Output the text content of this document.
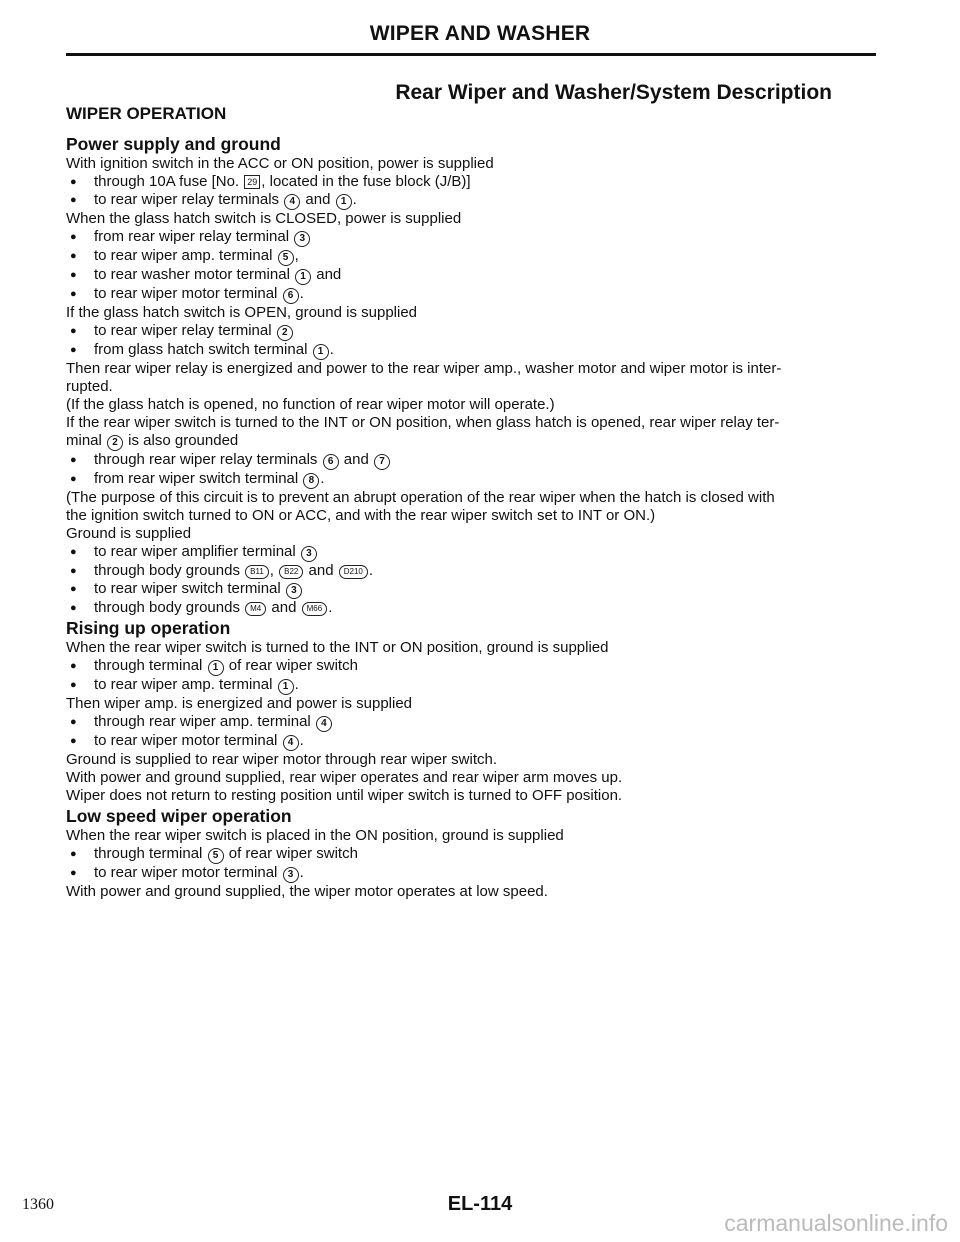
WIPER AND WASHER
Rear Wiper and Washer/System Description
WIPER OPERATION
Power supply and ground

With ignition switch in the ACC or ON position, power is supplied

● through 10A fuse [No. 29 , located in the fuse block (J/B)]

● to rear wiper relay terminals 4 and 1 .

When the glass hatch switch is CLOSED, power is supplied

● from rear wiper relay terminal 3

● to rear wiper amp. terminal 5 ,

● to rear washer motor terminal 1 and

● to rear wiper motor terminal 6 .

If the glass hatch switch is OPEN, ground is supplied

● to rear wiper relay terminal 2

● from glass hatch switch terminal 1 .

Then rear wiper relay is energized and power to the rear wiper amp., washer motor and wiper motor is inter-

rupted.

(If the glass hatch is opened, no function of rear wiper motor will operate.)

If the rear wiper switch is turned to the INT or ON position, when glass hatch is opened, rear wiper relay ter-

minal 2 is also grounded

● through rear wiper relay terminals 6 and 7

● from rear wiper switch terminal 8 .

(The purpose of this circuit is to prevent an abrupt operation of the rear wiper when the hatch is closed with

the ignition switch turned to ON or ACC, and with the rear wiper switch set to INT or ON.)

Ground is supplied

● to rear wiper amplifier terminal 3

● through body grounds B11 , B22 and D210 .

● to rear wiper switch terminal 3

● through body grounds M4 and M66 .

Rising up operation

When the rear wiper switch is turned to the INT or ON position, ground is supplied

● through terminal 1 of rear wiper switch

● to rear wiper amp. terminal 1 .

Then wiper amp. is energized and power is supplied

● through rear wiper amp. terminal 4

● to rear wiper motor terminal 4 .

Ground is supplied to rear wiper motor through rear wiper switch.

With power and ground supplied, rear wiper operates and rear wiper arm moves up.

Wiper does not return to resting position until wiper switch is turned to OFF position.

Low speed wiper operation

When the rear wiper switch is placed in the ON position, ground is supplied

● through terminal 5 of rear wiper switch

● to rear wiper motor terminal 3 .

With power and ground supplied, the wiper motor operates at low speed.

1360	EL-114
carmanualsonline.info
